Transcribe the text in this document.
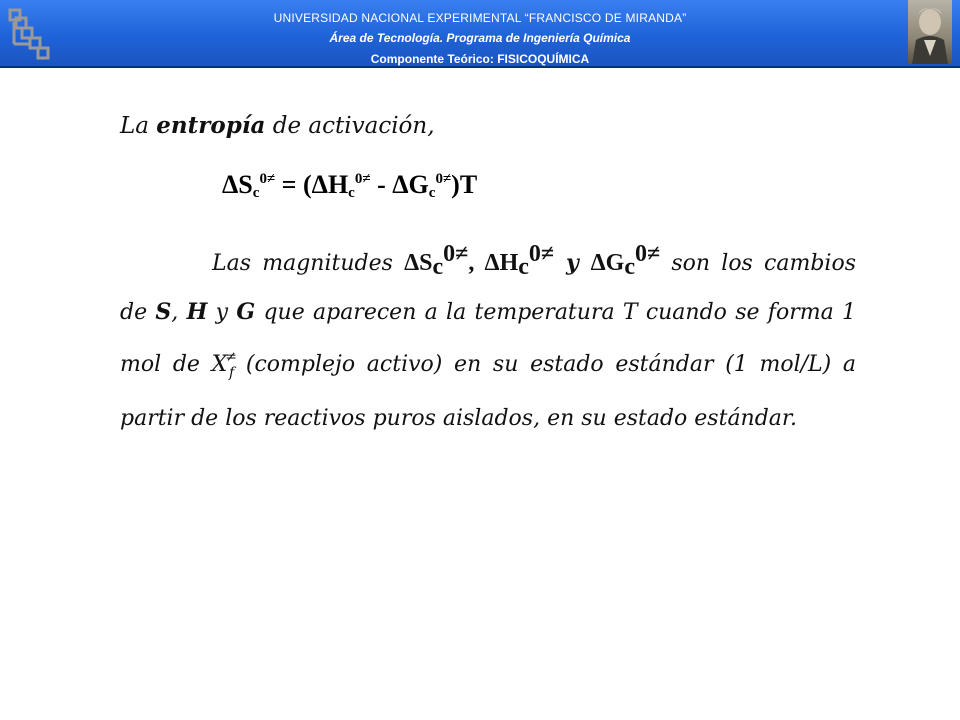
UNIVERSIDAD NACIONAL EXPERIMENTAL “FRANCISCO DE MIRANDA”
Área de Tecnología. Programa de Ingeniería Química
Componente Teórico: FISICOQUÍMICA
La entropía de activación,
$\Delta S_c^{0\ne} = (\Delta H_c^{0\ne} - \Delta G_c^{0\ne})T$
Las magnitudes $\Delta S_c^{0\ne}$, $\Delta H_c^{0\ne}$ y $\Delta G_c^{0\ne}$ son los cambios de S, H y G que aparecen a la temperatura T cuando se forma 1 mol de $X^\ne_f$ (complejo activo) en su estado estándar (1 mol/L) a partir de los reactivos puros aislados, en su estado estándar.
